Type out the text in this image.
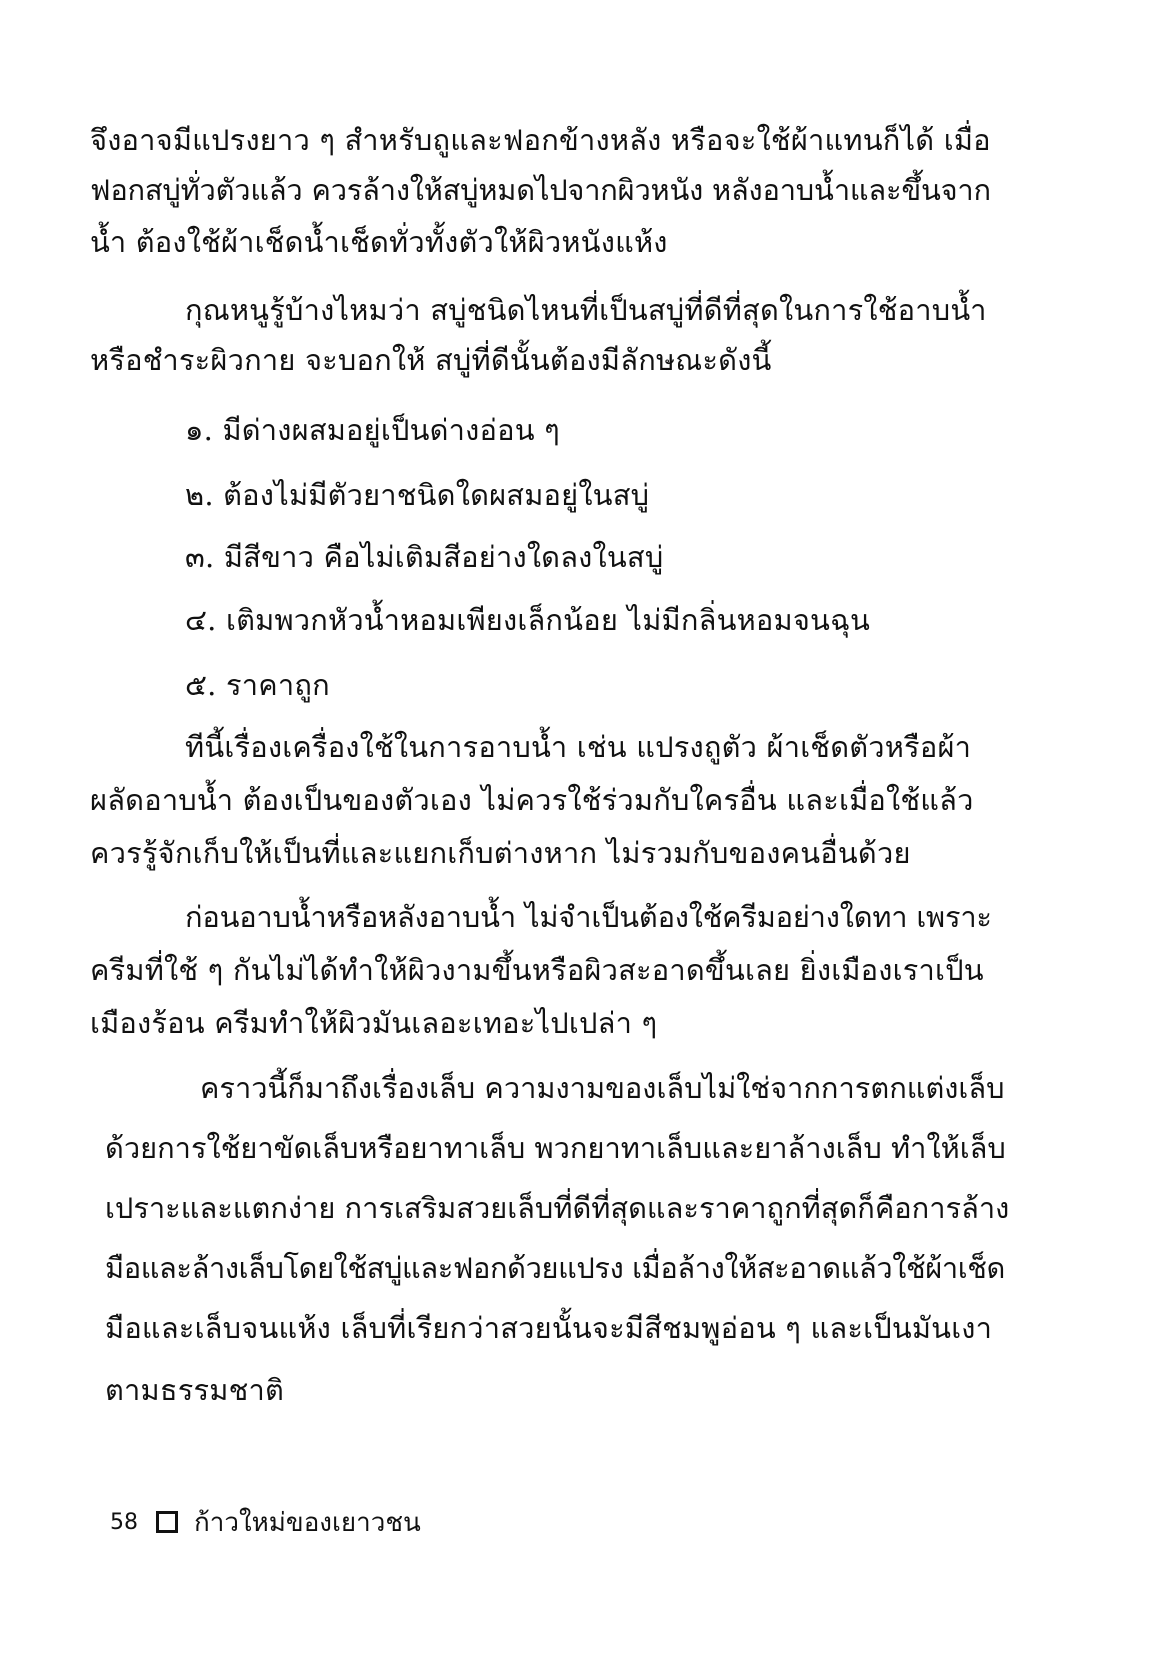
จึงอาจมีแปรงยาว ๆ สำหรับถูและฟอกข้างหลัง หรือจะใช้ผ้าแทนก็ได้ เมื่อ
ฟอกสบู่ทั่วตัวแล้ว ควรล้างให้สบู่หมดไปจากผิวหนัง หลังอาบน้ำและขึ้นจาก
น้ำ ต้องใช้ผ้าเช็ดน้ำเช็ดทั่วทั้งตัวให้ผิวหนังแห้ง
กุณหนูรู้บ้างไหมว่า สบู่ชนิดไหนที่เป็นสบู่ที่ดีที่สุดในการใช้อาบน้ำ
หรือชำระผิวกาย จะบอกให้ สบู่ที่ดีนั้นต้องมีลักษณะดังนี้
๑. มีด่างผสมอยู่เป็นด่างอ่อน ๆ
๒. ต้องไม่มีตัวยาชนิดใดผสมอยู่ในสบู่
๓. มีสีขาว คือไม่เติมสีอย่างใดลงในสบู่
๔. เติมพวกหัวน้ำหอมเพียงเล็กน้อย ไม่มีกลิ่นหอมจนฉุน
๕. ราคาถูก
ทีนี้เรื่องเครื่องใช้ในการอาบน้ำ เช่น แปรงถูตัว ผ้าเช็ดตัวหรือผ้า
ผลัดอาบน้ำ ต้องเป็นของตัวเอง ไม่ควรใช้ร่วมกับใครอื่น และเมื่อใช้แล้ว
ควรรู้จักเก็บให้เป็นที่และแยกเก็บต่างหาก ไม่รวมกับของคนอื่นด้วย
ก่อนอาบน้ำหรือหลังอาบน้ำ ไม่จำเป็นต้องใช้ครีมอย่างใดทา เพราะ
ครีมที่ใช้ ๆ กันไม่ได้ทำให้ผิวงามขึ้นหรือผิวสะอาดขึ้นเลย ยิ่งเมืองเราเป็น
เมืองร้อน ครีมทำให้ผิวมันเลอะเทอะไปเปล่า ๆ
คราวนี้ก็มาถึงเรื่องเล็บ ความงามของเล็บไม่ใช่จากการตกแต่งเล็บ
ด้วยการใช้ยาขัดเล็บหรือยาทาเล็บ พวกยาทาเล็บและยาล้างเล็บ ทำให้เล็บ
เปราะและแตกง่าย การเสริมสวยเล็บที่ดีที่สุดและราคาถูกที่สุดก็คือการล้าง
มือและล้างเล็บโดยใช้สบู่และฟอกด้วยแปรง เมื่อล้างให้สะอาดแล้วใช้ผ้าเช็ด
มือและเล็บจนแห้ง เล็บที่เรียกว่าสวยนั้นจะมีสีชมพูอ่อน ๆ และเป็นมันเงา
ตามธรรมชาติ
58 ก้าวใหม่ของเยาวชน
